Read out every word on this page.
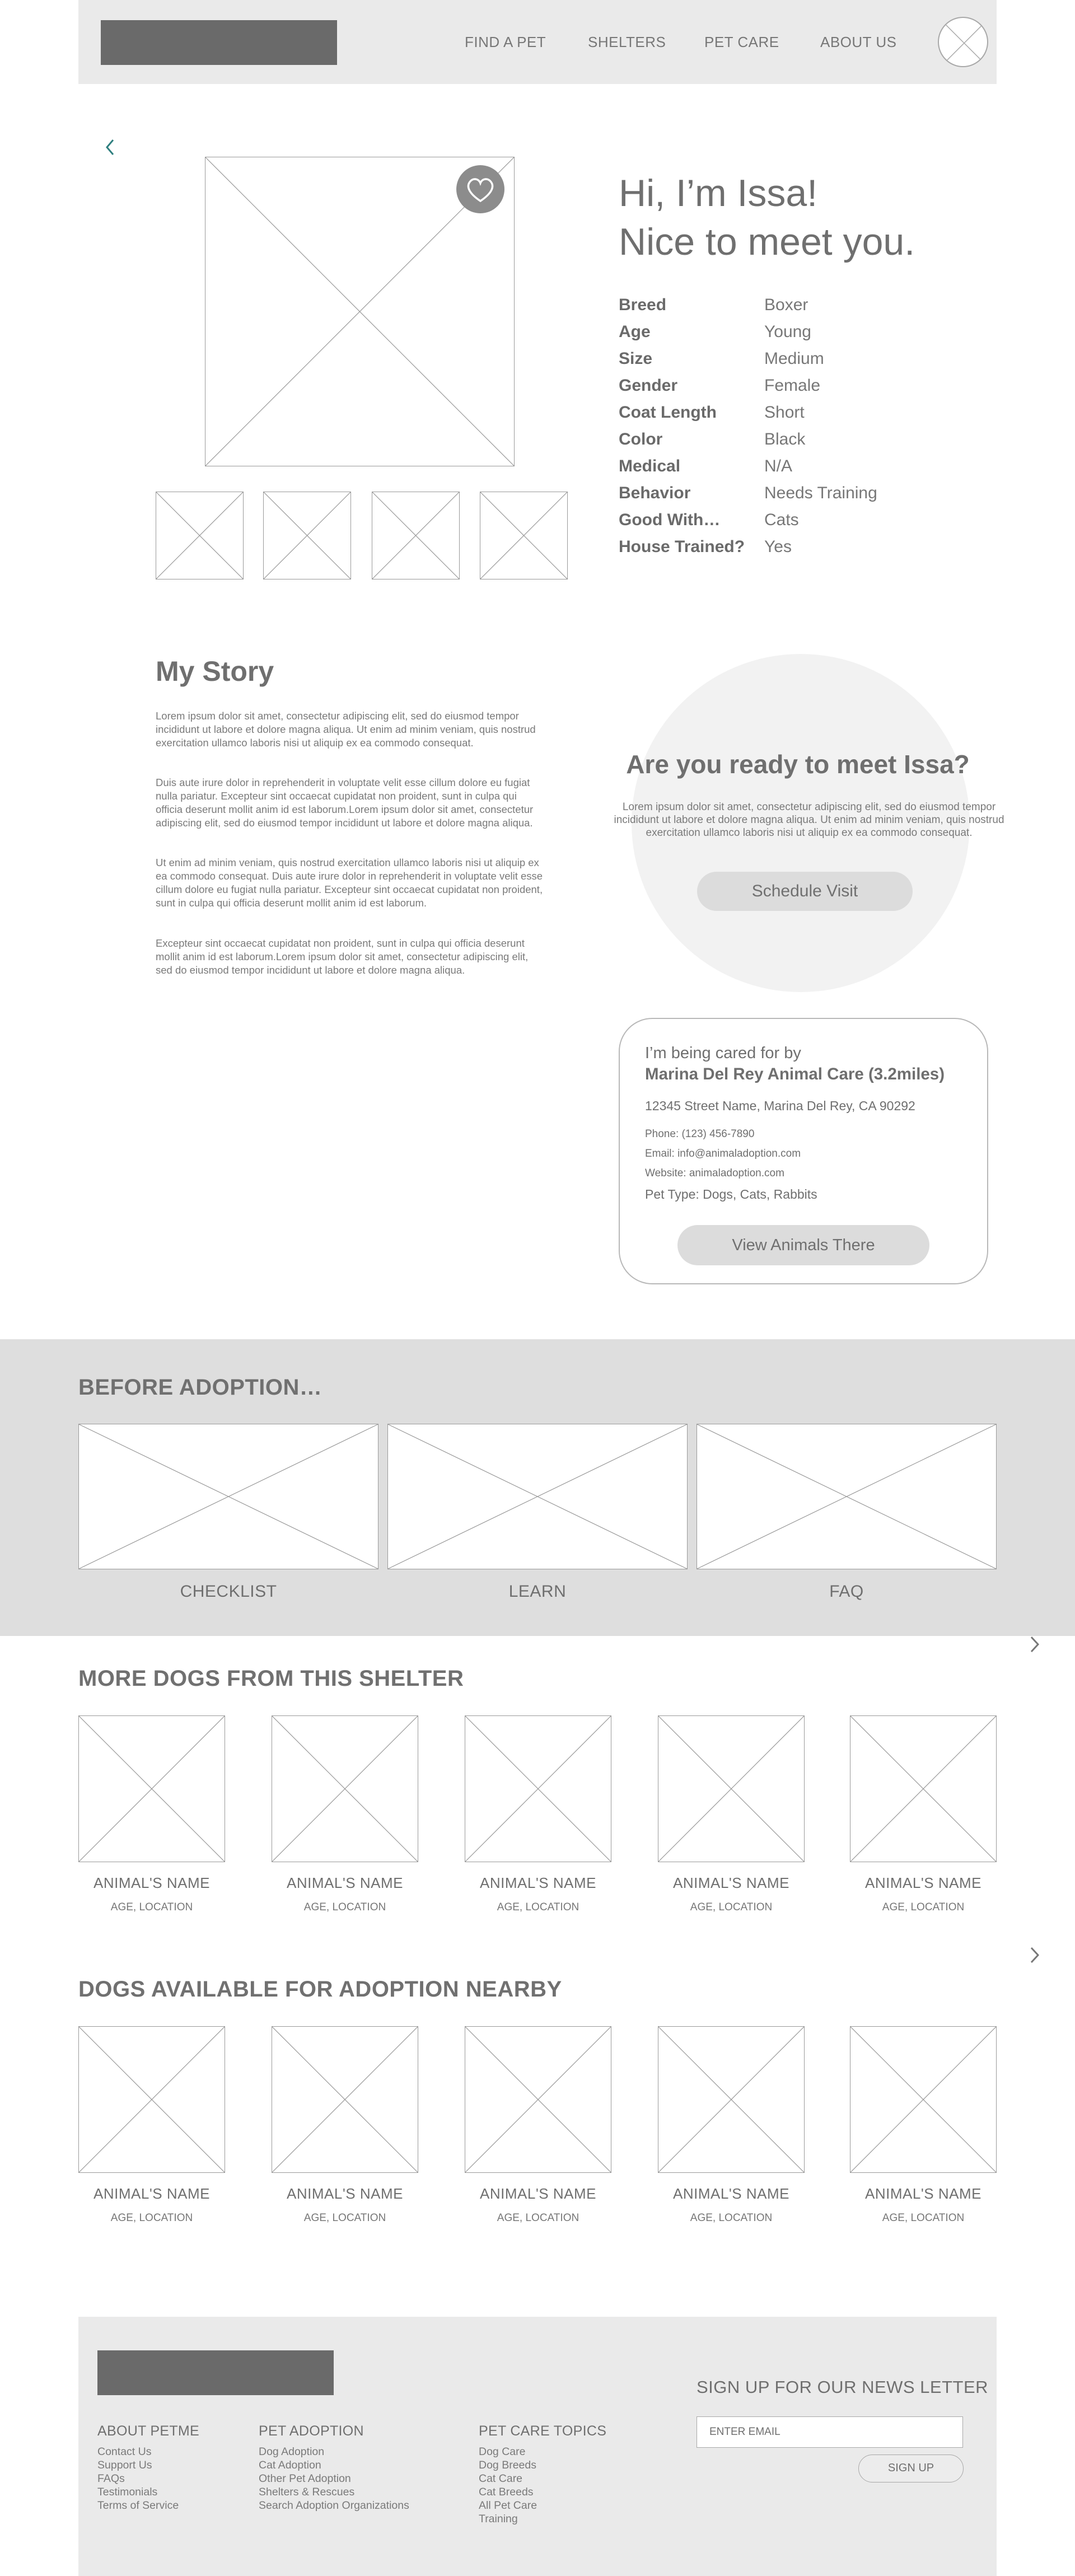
FIND A PET	SHELTERS	PET CARE	ABOUT US
Hi, I’m Issa!
Nice to meet you.
Breed	Boxer
Age	Young
Size	Medium
Gender	Female
Coat Length	Short
Color	Black
Medical	N/A
Behavior	Needs Training
Good With…	Cats
House Trained? Yes
My Story

Lorem ipsum dolor sit amet, consectetur adipiscing elit, sed do eiusmod tempor incididunt ut labore et dolore magna aliqua. Ut enim ad minim veniam, quis nostrud exercitation ullamco laboris nisi ut aliquip ex ea commodo consequat.

Duis aute irure dolor in reprehenderit in voluptate velit esse cillum dolore eu fugiat nulla pariatur. Excepteur sint occaecat cupidatat non proident, sunt in culpa qui officia deserunt mollit anim id est laborum.Lorem ipsum dolor sit amet, consectetur adipiscing elit, sed do eiusmod tempor incididunt ut labore et dolore magna aliqua.

Ut enim ad minim veniam, quis nostrud exercitation ullamco laboris nisi ut aliquip ex ea commodo consequat. Duis aute irure dolor in reprehenderit in voluptate velit esse cillum dolore eu fugiat nulla pariatur. Excepteur sint occaecat cupidatat non proident, sunt in culpa qui officia deserunt mollit anim id est laborum.

Excepteur sint occaecat cupidatat non proident, sunt in culpa qui officia deserunt mollit anim id est laborum.Lorem ipsum dolor sit amet, consectetur adipiscing elit, sed do eiusmod tempor incididunt ut labore et dolore magna aliqua.

Are you ready to meet Issa?

Lorem ipsum dolor sit amet, consectetur adipiscing elit, sed do eiusmod tempor incididunt ut labore et dolore magna aliqua. Ut enim ad minim veniam, quis nostrud exercitation ullamco laboris nisi ut aliquip ex ea commodo consequat.

Schedule Visit
I’m being cared for by
Marina Del Rey Animal Care (3.2miles)
12345 Street Name, Marina Del Rey, CA 90292
Phone: (123) 456-7890
Email: info@animaladoption.com
Website: animaladoption.com
Pet Type: Dogs, Cats, Rabbits
View Animals There
BEFORE ADOPTION…
CHECKLIST	LEARN	FAQ
MORE DOGS FROM THIS SHELTER
ANIMAL'S NAME	ANIMAL'S NAME	ANIMAL'S NAME	ANIMAL'S NAME	ANIMAL'S NAME
AGE, LOCATION	AGE, LOCATION	AGE, LOCATION	AGE, LOCATION	AGE, LOCATION
DOGS AVAILABLE FOR ADOPTION NEARBY
ANIMAL'S NAME	ANIMAL'S NAME	ANIMAL'S NAME	ANIMAL'S NAME	ANIMAL'S NAME
AGE, LOCATION	AGE, LOCATION	AGE, LOCATION	AGE, LOCATION	AGE, LOCATION
ABOUT PETME
Contact Us
Support Us
FAQs
Testimonials
Terms of Service
PET ADOPTION
Dog Adoption
Cat Adoption
Other Pet Adoption
Shelters & Rescues
Search Adoption Organizations
PET CARE TOPICS
Dog Care
Dog Breeds
Cat Care
Cat Breeds
All Pet Care
Training
SIGN UP FOR OUR NEWS LETTER
ENTER EMAIL
SIGN UP
